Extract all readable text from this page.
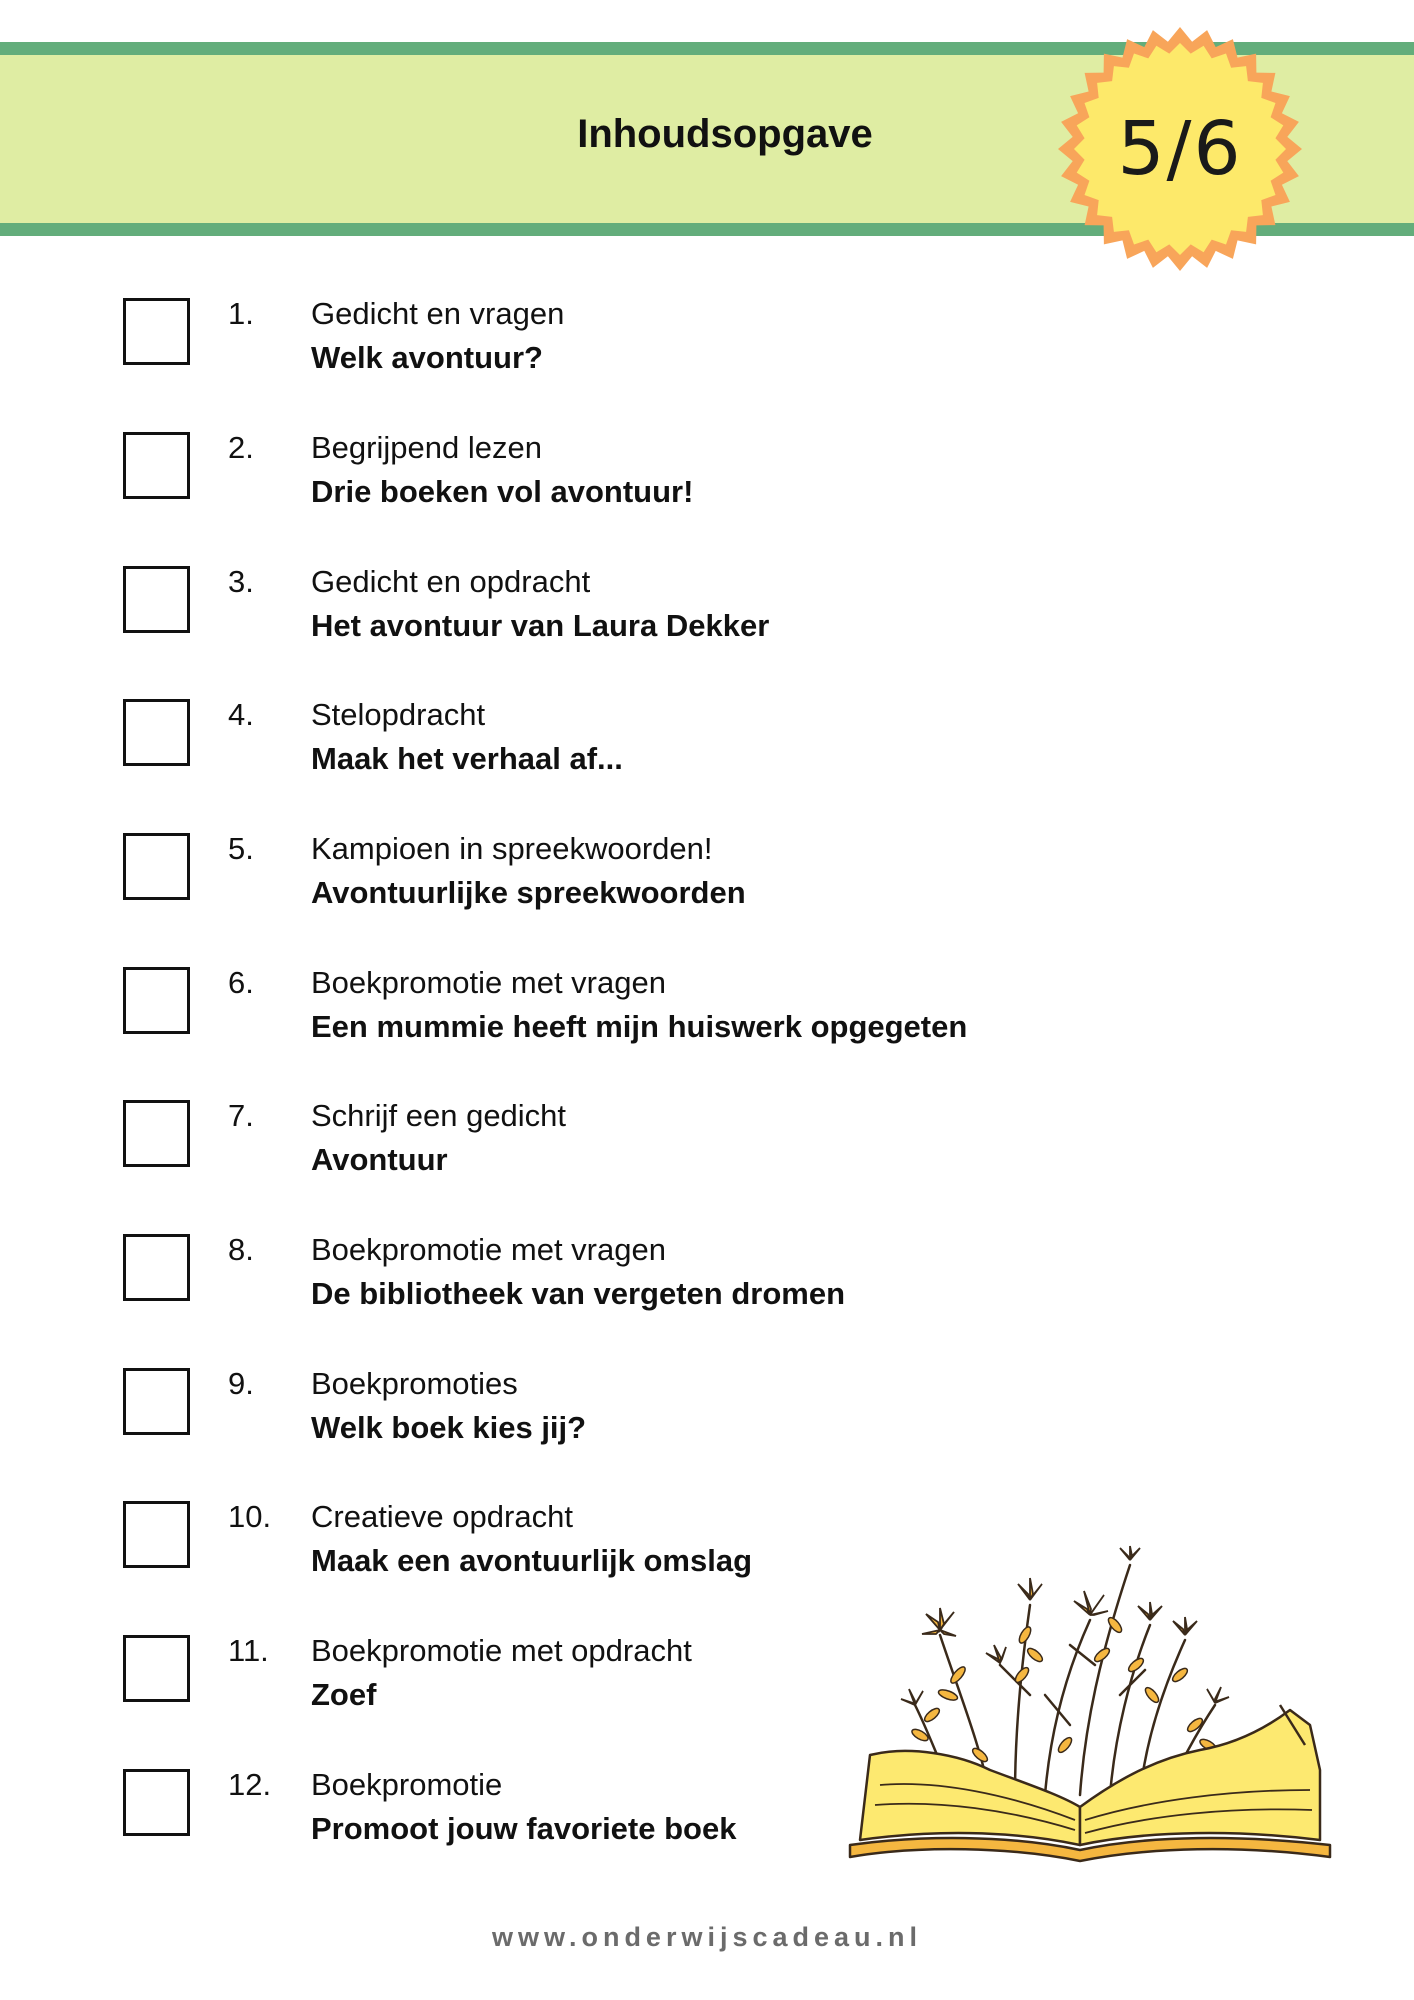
Inhoudsopgave	5/6
1. Gedicht en vragen
Welk avontuur?
2. Begrijpend lezen
Drie boeken vol avontuur!
3. Gedicht en opdracht
Het avontuur van Laura Dekker
4. Stelopdracht
Maak het verhaal af...
5. Kampioen in spreekwoorden!
Avontuurlijke spreekwoorden
6. Boekpromotie met vragen
Een mummie heeft mijn huiswerk opgegeten
7. Schrijf een gedicht
Avontuur
8. Boekpromotie met vragen
De bibliotheek van vergeten dromen
9. Boekpromoties
Welk boek kies jij?
10. Creatieve opdracht
Maak een avontuurlijk omslag
11. Boekpromotie met opdracht
Zoef
12. Boekpromotie
Promoot jouw favoriete boek
www.onderwijscadeau.nl
